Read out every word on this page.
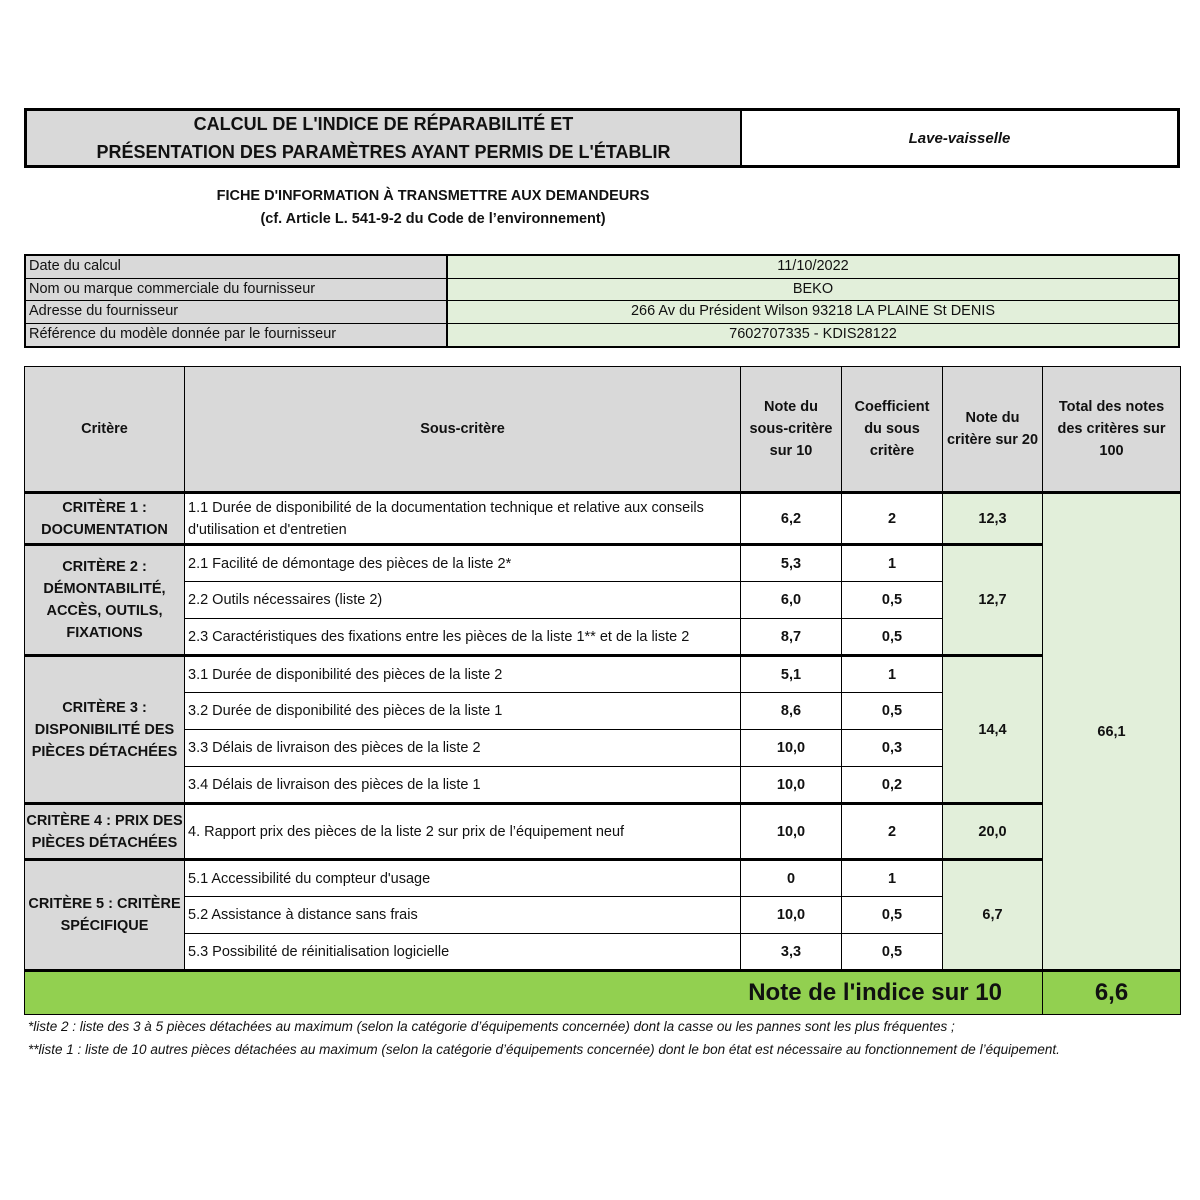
CALCUL DE L'INDICE DE RÉPARABILITÉ ET
PRÉSENTATION DES PARAMÈTRES AYANT PERMIS DE L'ÉTABLIR
Lave-vaisselle
FICHE D'INFORMATION À TRANSMETTRE AUX DEMANDEURS
(cf. Article L. 541-9-2 du Code de l’environnement)
Date du calcul	11/10/2022
Nom ou marque commerciale du fournisseur	BEKO
Adresse du fournisseur	266 Av du Président Wilson 93218 LA PLAINE St DENIS
Référence du modèle donnée par le fournisseur	7602707335 - KDIS28122
Critère	Sous-critère	Note du sous-critère sur 10	Coefficient du sous critère	Note du critère sur 20	Total des notes des critères sur 100
CRITÈRE 1 : DOCUMENTATION	1.1 Durée de disponibilité de la documentation technique et relative aux conseils d'utilisation et d'entretien	6,2	2	12,3	66,1
CRITÈRE 2 : DÉMONTABILITÉ, ACCÈS, OUTILS, FIXATIONS	2.1 Facilité de démontage des pièces de la liste 2*	5,3	1	12,7	
	2.2 Outils nécessaires (liste 2)	6,0	0,5		
	2.3 Caractéristiques des fixations entre les pièces de la liste 1** et de la liste 2	8,7	0,5		
CRITÈRE 3 : DISPONIBILITÉ DES PIÈCES DÉTACHÉES	3.1 Durée de disponibilité des pièces de la liste 2	5,1	1	14,4	
	3.2 Durée de disponibilité des pièces de la liste 1	8,6	0,5		
	3.3 Délais de livraison des pièces de la liste 2	10,0	0,3		
	3.4 Délais de livraison des pièces de la liste 1	10,0	0,2		
CRITÈRE 4 : PRIX DES PIÈCES DÉTACHÉES	4. Rapport prix des pièces de la liste 2 sur prix de l’équipement neuf	10,0	2	20,0	
CRITÈRE 5 : CRITÈRE SPÉCIFIQUE	5.1 Accessibilité du compteur d'usage	0	1	6,7	
	5.2 Assistance à distance sans frais	10,0	0,5		
	5.3 Possibilité de réinitialisation logicielle	3,3	0,5		
Note de l'indice sur 10					6,6
*liste 2 : liste des 3 à 5 pièces détachées au maximum (selon la catégorie d’équipements concernée) dont la casse ou les pannes sont les plus fréquentes ;
**liste 1 : liste de 10 autres pièces détachées au maximum (selon la catégorie d’équipements concernée) dont le bon état est nécessaire au fonctionnement de l’équipement.
